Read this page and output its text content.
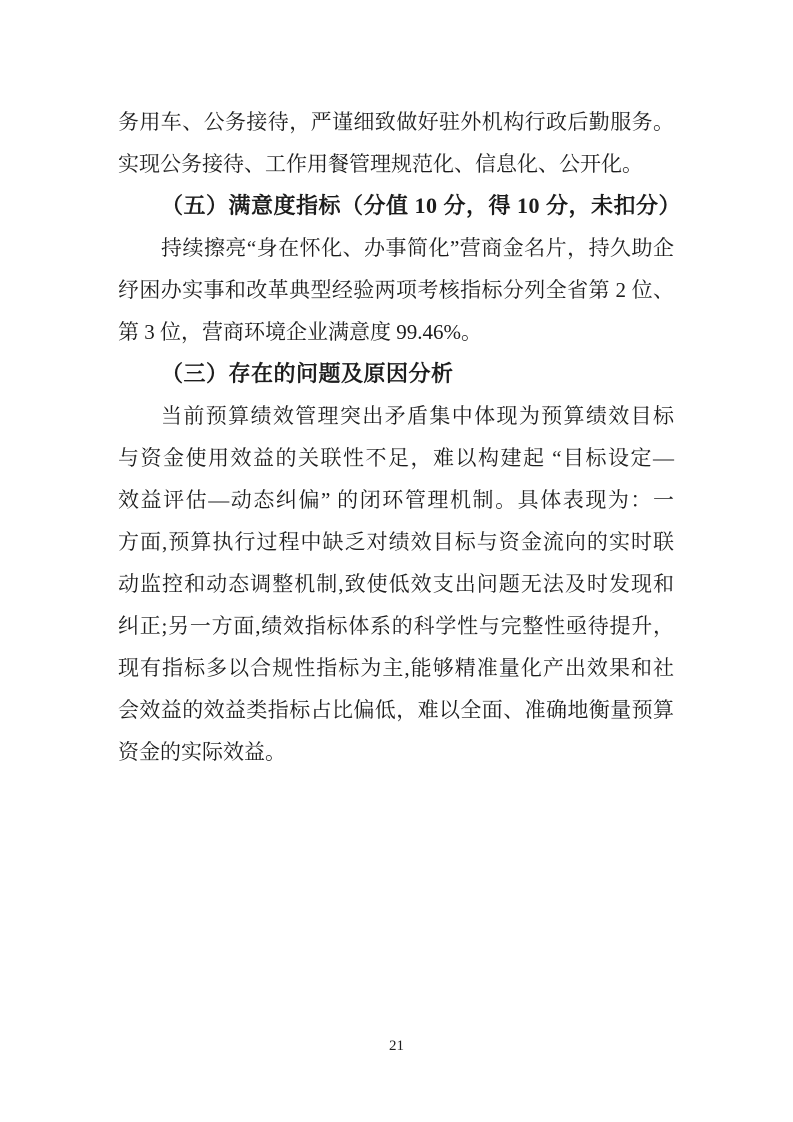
务用车、公务接待，严谨细致做好驻外机构行政后勤服务。
实现公务接待、工作用餐管理规范化、信息化、公开化。
（五）满意度指标（分值 10 分，得 10 分，未扣分）
持续擦亮“身在怀化、办事简化”营商金名片，持久助企
纾困办实事和改革典型经验两项考核指标分列全省第 2 位、
第 3 位，营商环境企业满意度 99.46%。
（三）存在的问题及原因分析
当前预算绩效管理突出矛盾集中体现为预算绩效目标
与资金使用效益的关联性不足，难以构建起 “目标设定—
效益评估—动态纠偏” 的闭环管理机制。具体表现为：一
方面,预算执行过程中缺乏对绩效目标与资金流向的实时联
动监控和动态调整机制,致使低效支出问题无法及时发现和
纠正;另一方面,绩效指标体系的科学性与完整性亟待提升，
现有指标多以合规性指标为主,能够精准量化产出效果和社
会效益的效益类指标占比偏低，难以全面、准确地衡量预算
资金的实际效益。
21
